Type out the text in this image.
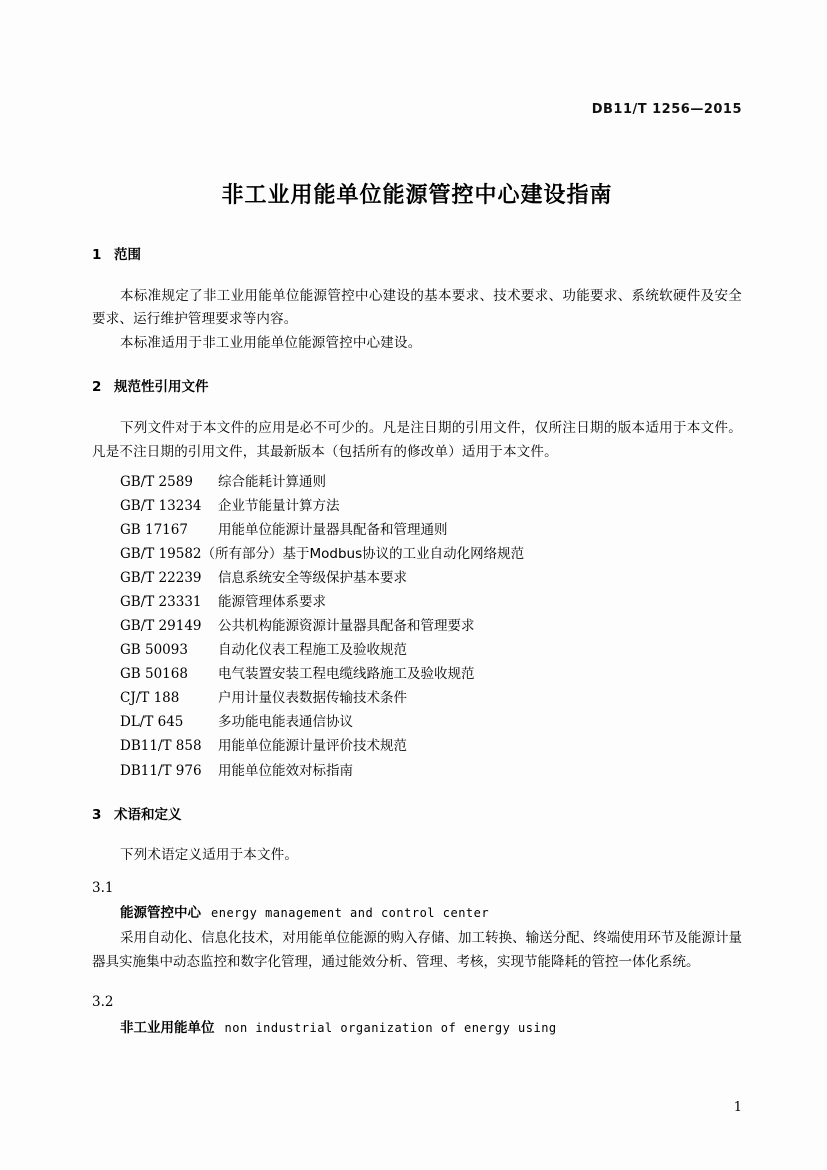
DB11/T 1256—2015
非工业用能单位能源管控中心建设指南
1 范围

本标准规定了非工业用能单位能源管控中心建设的基本要求、技术要求、功能要求、系统软硬件及安全要求、运行维护管理要求等内容。

本标准适用于非工业用能单位能源管控中心建设。

2 规范性引用文件

下列文件对于本文件的应用是必不可少的。凡是注日期的引用文件，仅所注日期的版本适用于本文件。凡是不注日期的引用文件，其最新版本（包括所有的修改单）适用于本文件。

GB/T 2589 综合能耗计算通则
GB/T 13234 企业节能量计算方法
GB 17167 用能单位能源计量器具配备和管理通则
GB/T 19582（所有部分）基于Modbus协议的工业自动化网络规范
GB/T 22239 信息系统安全等级保护基本要求
GB/T 23331 能源管理体系要求
GB/T 29149 公共机构能源资源计量器具配备和管理要求
GB 50093 自动化仪表工程施工及验收规范
GB 50168 电气装置安装工程电缆线路施工及验收规范
CJ/T 188	户用计量仪表数据传输技术条件
DL/T 645	多功能电能表通信协议
DB11/T 858 用能单位能源计量评价技术规范
DB11/T 976 用能单位能效对标指南
3 术语和定义

下列术语定义适用于本文件。

3.1

能源管控中心 energy management and control center

采用自动化、信息化技术，对用能单位能源的购入存储、加工转换、输送分配、终端使用环节及能源计量器具实施集中动态监控和数字化管理，通过能效分析、管理、考核，实现节能降耗的管控一体化系统。

3.2

非工业用能单位 non industrial organization of energy using

1
